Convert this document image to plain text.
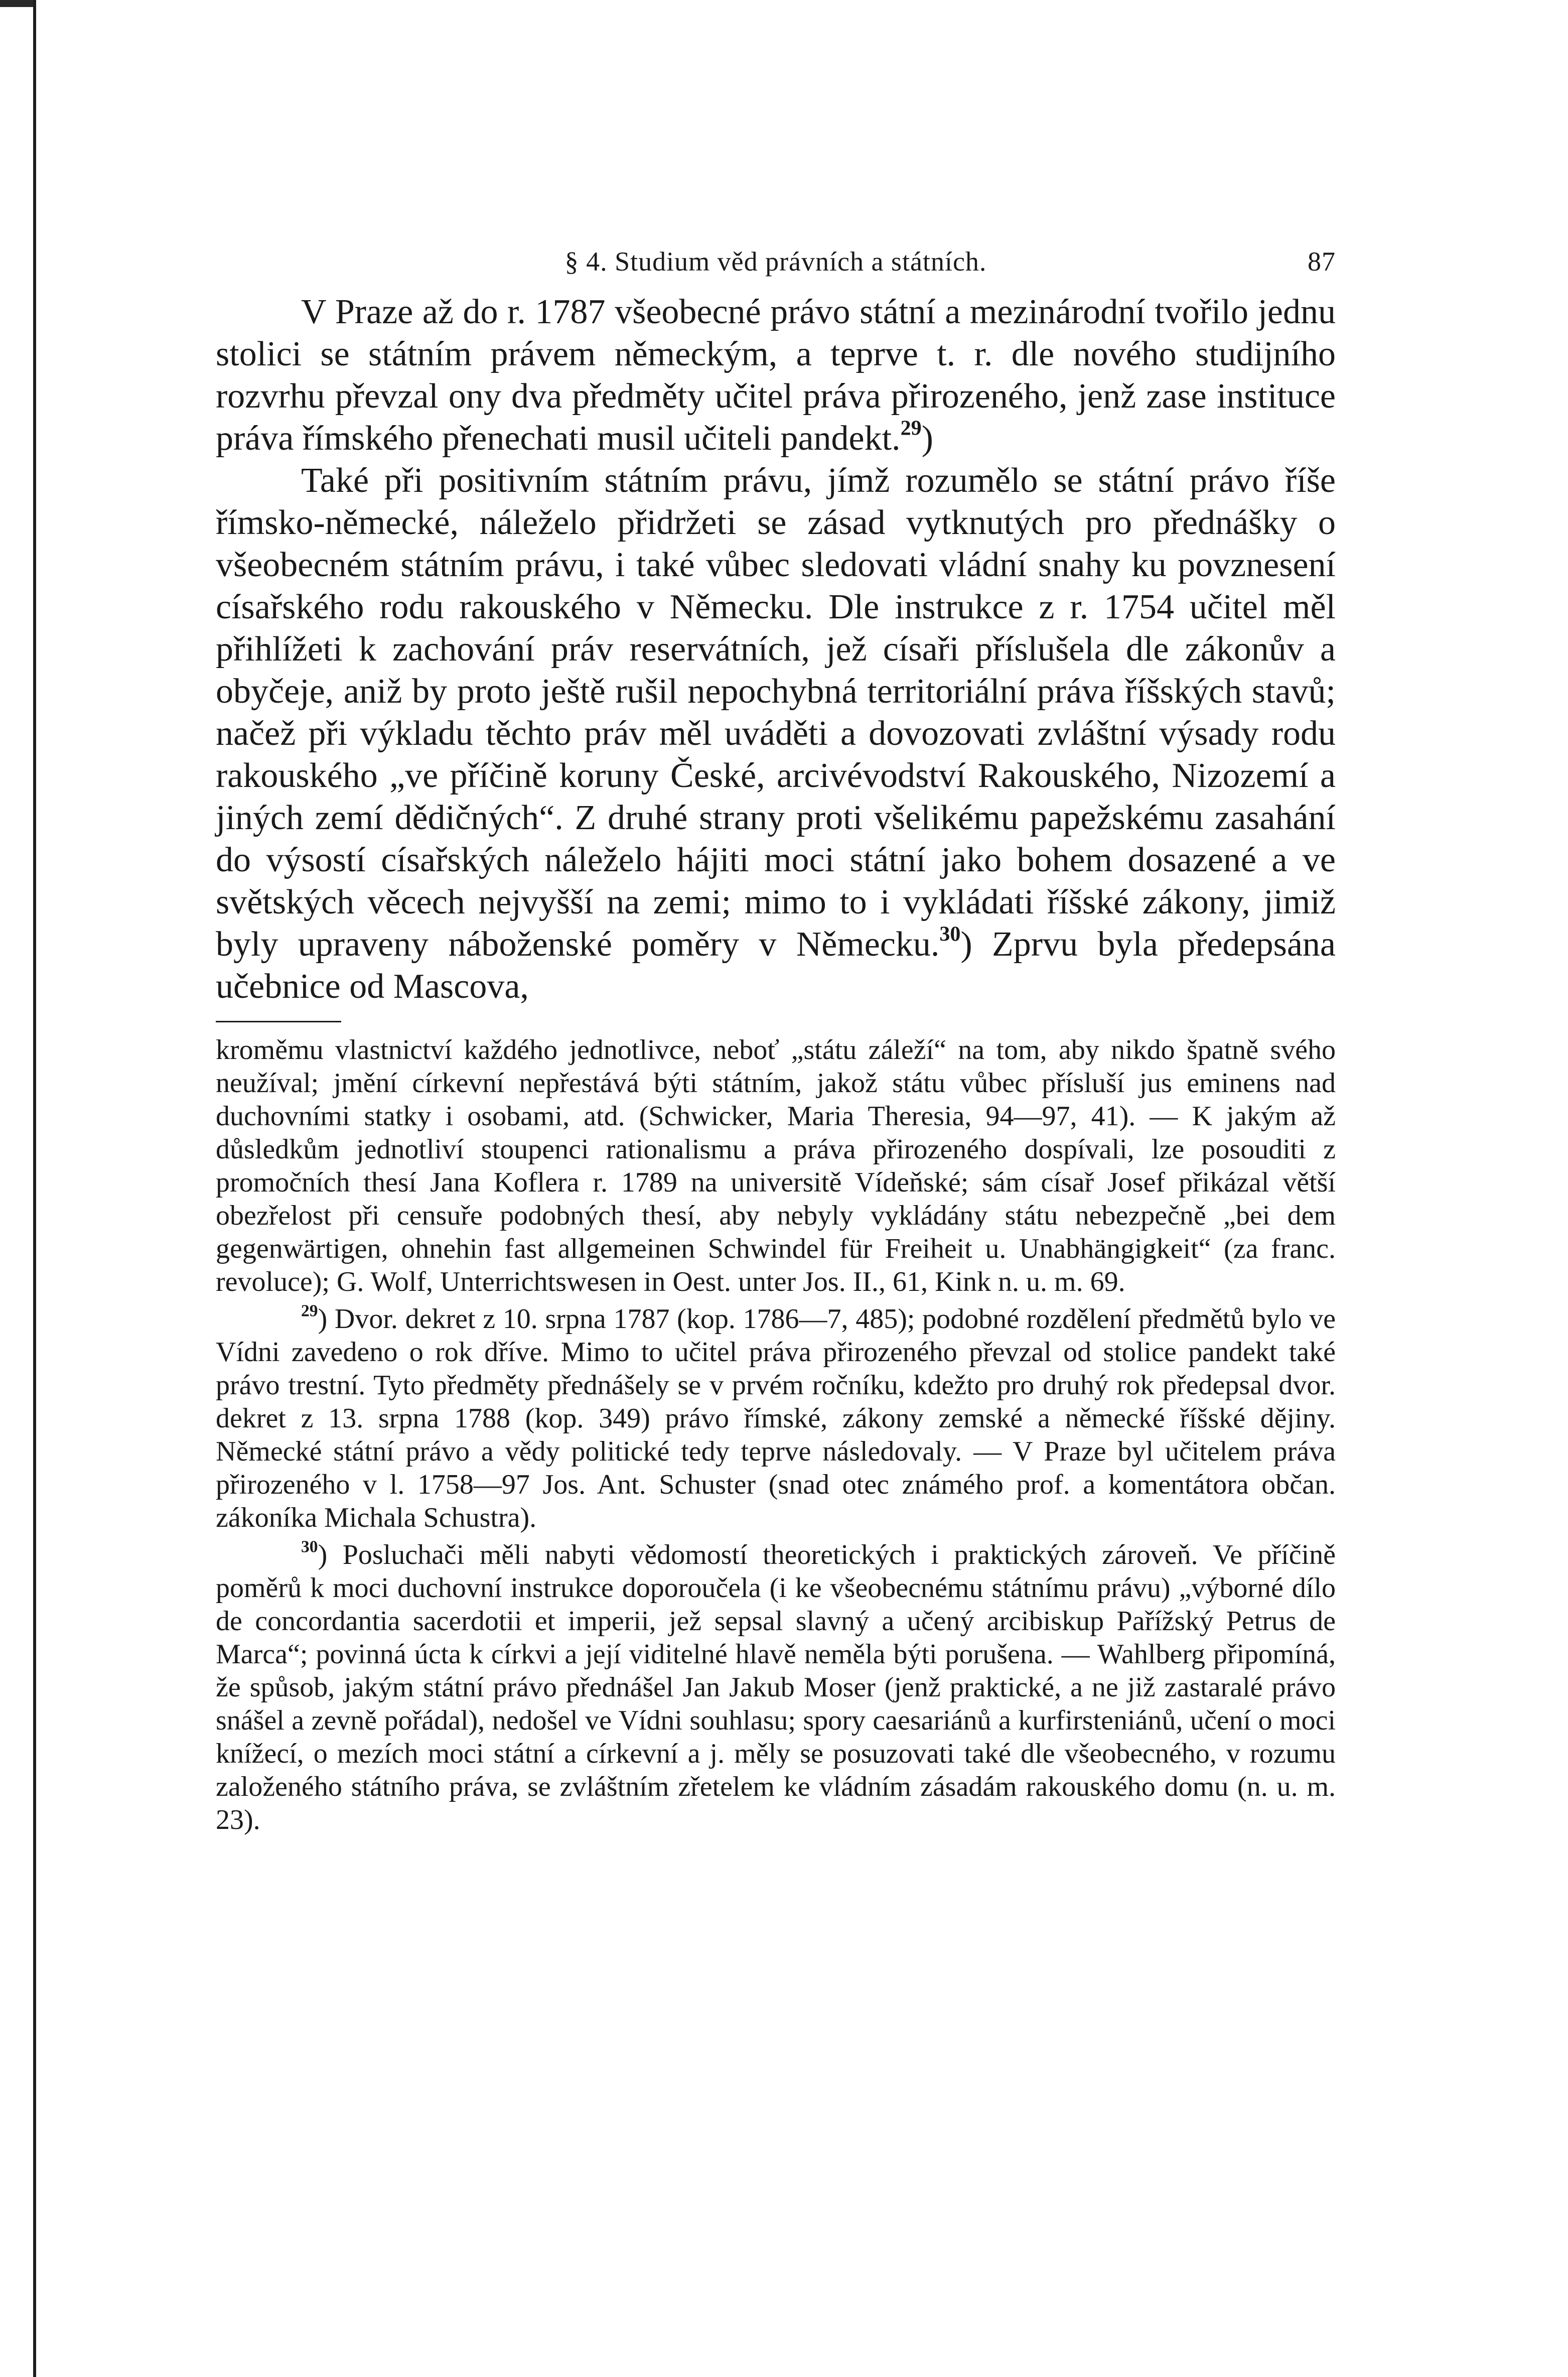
§ 4. Studium věd právních a státních.	87

V Praze až do r. 1787 všeobecné právo státní a mezinárodní tvořilo jednu stolici se státním právem německým, a teprve t. r. dle nového studijního rozvrhu převzal ony dva předměty učitel práva přirozeného, jenž zase instituce práva římského přenechati musil učiteli pandekt.$^{29}$)

Také při positivním státním právu, jímž rozumělo se státní právo říše římsko-německé, náleželo přidržeti se zásad vytknutých pro přednášky o všeobecném státním právu, i také vůbec sledovati vládní snahy ku povznesení císařského rodu rakouského v Německu. Dle instrukce z r. 1754 učitel měl přihlížeti k zachování práv reservátních, jež císaři příslušela dle zákonův a obyčeje, aniž by proto ještě rušil nepochybná territoriální práva říšských stavů; načež při výkladu těchto práv měl uváděti a dovozovati zvláštní výsady rodu rakouského „ve příčině koruny České, arcivévodství Rakouského, Nizozemí a jiných zemí dědičných“. Z druhé strany proti všelikému papežskému zasahání do výsostí císařských náleželo hájiti moci státní jako bohem dosazené a ve světských věcech nejvyšší na zemi; mimo to i vykládati říšské zákony, jimiž byly upraveny náboženské poměry v Německu.$^{30}$) Zprvu byla předepsána učebnice od Mascova,

kroměmu vlastnictví každého jednotlivce, neboť „státu záleží“ na tom, aby nikdo špatně svého neužíval; jmění církevní nepřestává býti státním, jakož státu vůbec přísluší jus eminens nad duchovními statky i osobami, atd. (Schwicker, Maria Theresia, 94—97, 41). — K jakým až důsledkům jednotliví stoupenci rationalismu a práva přirozeného dospívali, lze posouditi z promočních thesí Jana Koflera r. 1789 na universitě Vídeňské; sám císař Josef přikázal větší obezřelost při censuře podobných thesí, aby nebyly vykládány státu nebezpečně „bei dem gegenwärtigen, ohnehin fast allgemeinen Schwindel für Freiheit u. Unabhängigkeit“ (za franc. revoluce); G. Wolf, Unterrichtswesen in Oest. unter Jos. II., 61, Kink n. u. m. 69.

$^{29}$) Dvor. dekret z 10. srpna 1787 (kop. 1786—7, 485); podobné rozdělení předmětů bylo ve Vídni zavedeno o rok dříve. Mimo to učitel práva přirozeného převzal od stolice pandekt také právo trestní. Tyto předměty přednášely se v prvém ročníku, kdežto pro druhý rok předepsal dvor. dekret z 13. srpna 1788 (kop. 349) právo římské, zákony zemské a německé říšské dějiny. Německé státní právo a vědy politické tedy teprve následovaly. — V Praze byl učitelem práva přirozeného v l. 1758—97 Jos. Ant. Schuster (snad otec známého prof. a komentátora občan. zákoníka Michala Schustra).

$^{30}$) Posluchači měli nabyti vědomostí theoretických i praktických zároveň. Ve příčině poměrů k moci duchovní instrukce doporoučela (i ke všeobecnému státnímu právu) „výborné dílo de concordantia sacerdotii et imperii, jež sepsal slavný a učený arcibiskup Pařížský Petrus de Marca“; povinná úcta k církvi a její viditelné hlavě neměla býti porušena. — Wahlberg připomíná, že spůsob, jakým státní právo přednášel Jan Jakub Moser (jenž praktické, a ne již zastaralé právo snášel a zevně pořádal), nedošel ve Vídni souhlasu; spory caesariánů a kurfirsteniánů, učení o moci knížecí, o mezích moci státní a církevní a j. měly se posuzovati také dle všeobecného, v rozumu založeného státního práva, se zvláštním zřetelem ke vládním zásadám rakouského domu (n. u. m. 23).
